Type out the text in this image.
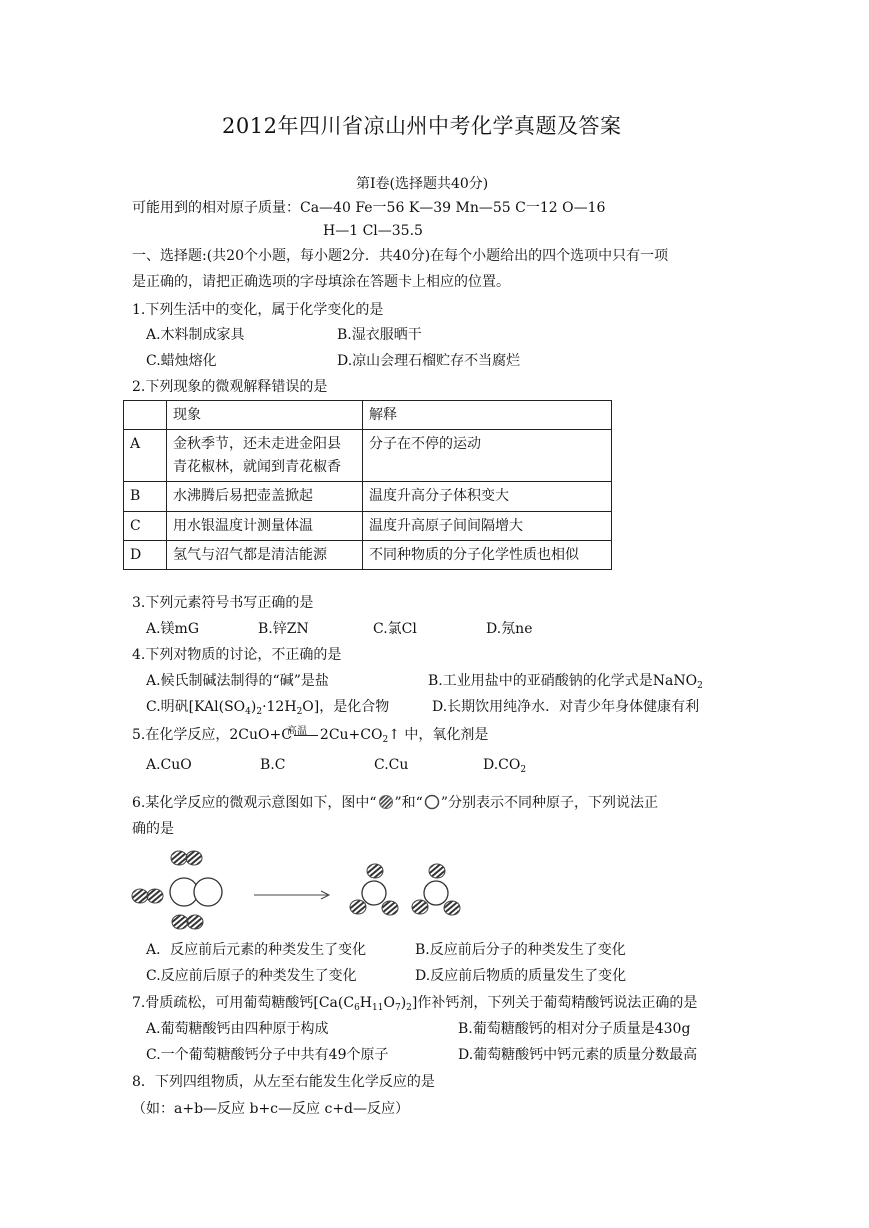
2012年四川省凉山州中考化学真题及答案
第Ⅰ卷(选择题共40分)
可能用到的相对原子质量：Ca—40 Fe一56 K—39 Mn—55 C一12 O—16
H—1 Cl—35.5
一、选择题:(共20个小题，每小题2分．共40分)在每个小题给出的四个选项中只有一项
是正确的，请把正确选项的字母填涂在答题卡上相应的位置。
1.下列生活中的变化，属于化学变化的是
A.木料制成家具	B.湿衣服晒干
C.蜡烛熔化	D.凉山会理石榴贮存不当腐烂
2.下列现象的微观解释错误的是
	现象	解释
A	金秋季节，还未走进金阳县
青花椒林，就闻到青花椒香	分子在不停的运动
B	水沸腾后易把壶盖掀起	温度升高分子体积变大
C	用水银温度计测量体温	温度升高原子间间隔增大
D	氢气与沼气都是清洁能源	不同种物质的分子化学性质也相似
3.下列元素符号书写正确的是
A.镁mG	B.锌ZN	C.氯Cl	D.氖ne
4.下列对物质的讨论，不正确的是
A.候氏制碱法制得的“碱”是盐	B.工业用盐中的亚硝酸钠的化学式是NaNO$_2$
C.明矾$[KAl(SO_4)_2\cdot 12H_2O]$，是化合物	D.长期饮用纯净水．对青少年身体健康有利
5.在化学反应，2CuO+C $2Cu+CO_2↑$ 中，氧化剂是
高温
A.CuO	B.C	C.Cu	$D.CO_2$
6.某化学反应的微观示意图如下，图中“ ”和“ ”分别表示不同种原子，下列说法正
确的是
A．反应前后元素的种类发生了变化	B.反应前后分子的种类发生了变化
C.反应前后原子的种类发生了变化	D.反应前后物质的质量发生了变化
7.骨质疏松，可用葡萄糖酸钙$[Ca(C_6H_{11}O_7)_2]$作补钙剂，下列关于葡萄精酸钙说法正确的是
A.葡萄糖酸钙由四种原于构成	B.葡萄糖酸钙的相对分子质量是430g
C.一个葡萄糖酸钙分子中共有49个原子	D.葡萄糖酸钙中钙元素的质量分数最高
8．下列四组物质，从左至右能发生化学反应的是
（如：a+b—反应 b+c—反应 c+d—反应）
